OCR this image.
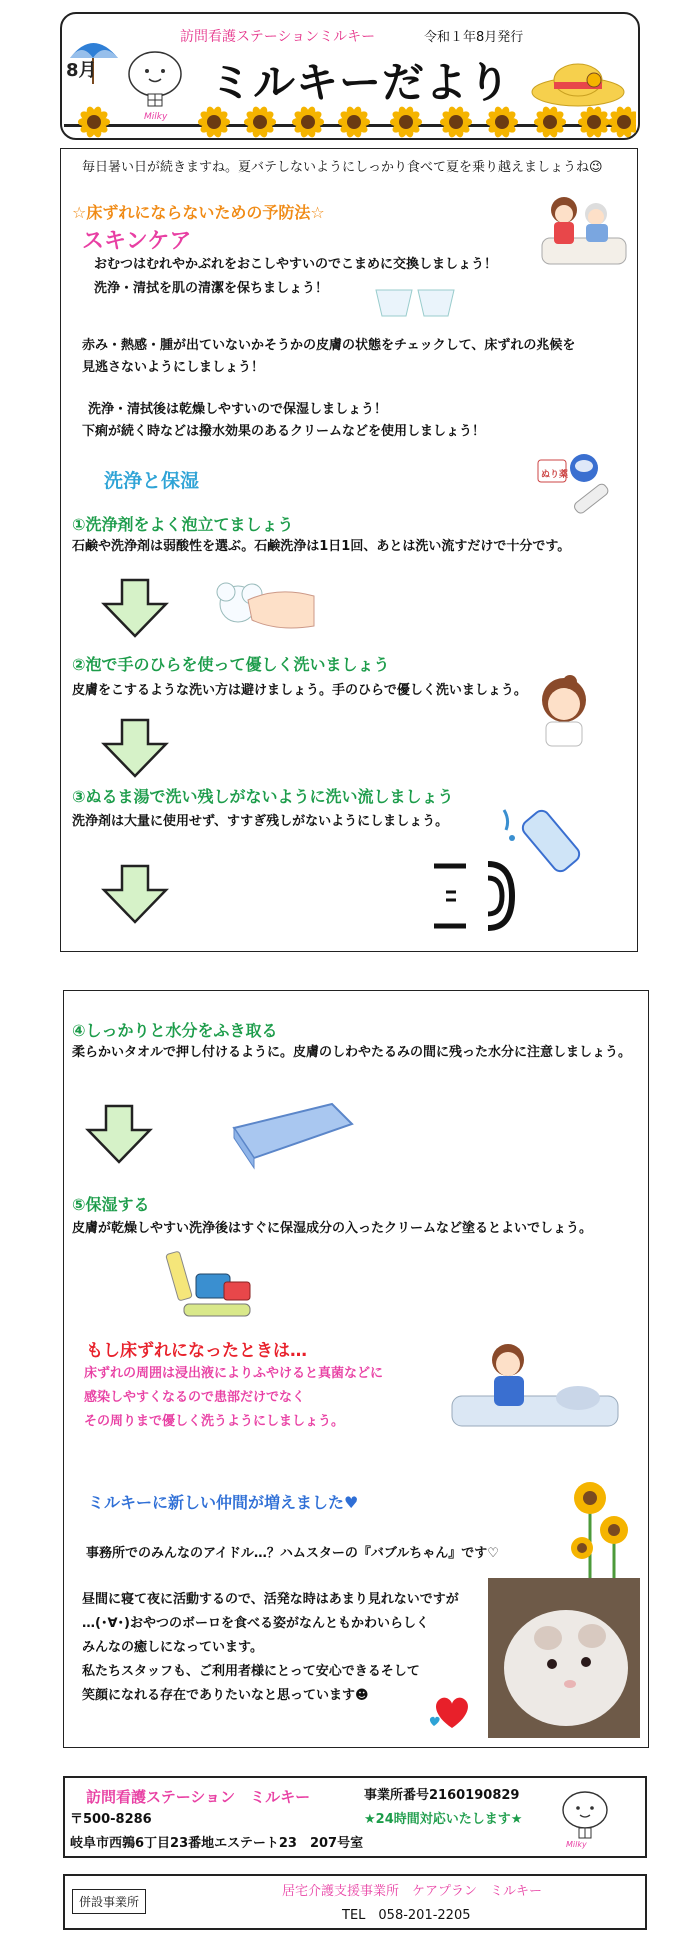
8月
Milky
訪問看護ステーションミルキー	令和１年8月発行
ミルキーだより
毎日暑い日が続きますね。夏バテしないようにしっかり食べて夏を乗り越えましょうね😉
☆床ずれにならないための予防法☆
スキンケア
おむつはむれやかぶれをおこしやすいのでこまめに交換しましょう！
洗浄・清拭を肌の清潔を保ちましょう！
赤み・熱感・腫が出ていないかそうかの皮膚の状態をチェックして、床ずれの兆候を
見逃さないようにしましょう！
洗浄・清拭後は乾燥しやすいので保湿しましょう！
下痢が続く時などは撥水効果のあるクリームなどを使用しましょう！
洗浄と保湿	ぬり薬
①洗浄剤をよく泡立てましょう
石鹸や洗浄剤は弱酸性を選ぶ。石鹸洗浄は1日1回、あとは洗い流すだけで十分です。
②泡で手のひらを使って優しく洗いましょう
皮膚をこするような洗い方は避けましょう。手のひらで優しく洗いましょう。
③ぬるま湯で洗い残しがないように洗い流しましょう
洗浄剤は大量に使用せず、すすぎ残しがないようにしましょう。
④しっかりと水分をふき取る
柔らかいタオルで押し付けるように。皮膚のしわやたるみの間に残った水分に注意しましょう。
⑤保湿する
皮膚が乾燥しやすい洗浄後はすぐに保湿成分の入ったクリームなど塗るとよいでしょう。
もし床ずれになったときは…
床ずれの周囲は浸出液によりふやけると真菌などに
感染しやすくなるので患部だけでなく
その周りまで優しく洗うようにしましょう。
ミルキーに新しい仲間が増えました♥
事務所でのみんなのアイドル…？ハムスターの『バブルちゃん』です♡
昼間に寝て夜に活動するので、活発な時はあまり見れないですが
…(･∀･)おやつのボーロを食べる姿がなんともかわいらしく
みんなの癒しになっています。
私たちスタッフも、ご利用者様にとって安心できるそして
笑顔になれる存在でありたいなと思っています☻
訪問看護ステーション　ミルキー	事業所番号2160190829
〒500-8286	★24時間対応いたします★
岐阜市西鶉6丁目23番地エステート23　207号室	Milky
併設事業所
居宅介護支援事業所　ケアプラン　ミルキー
TEL　058-201-2205
